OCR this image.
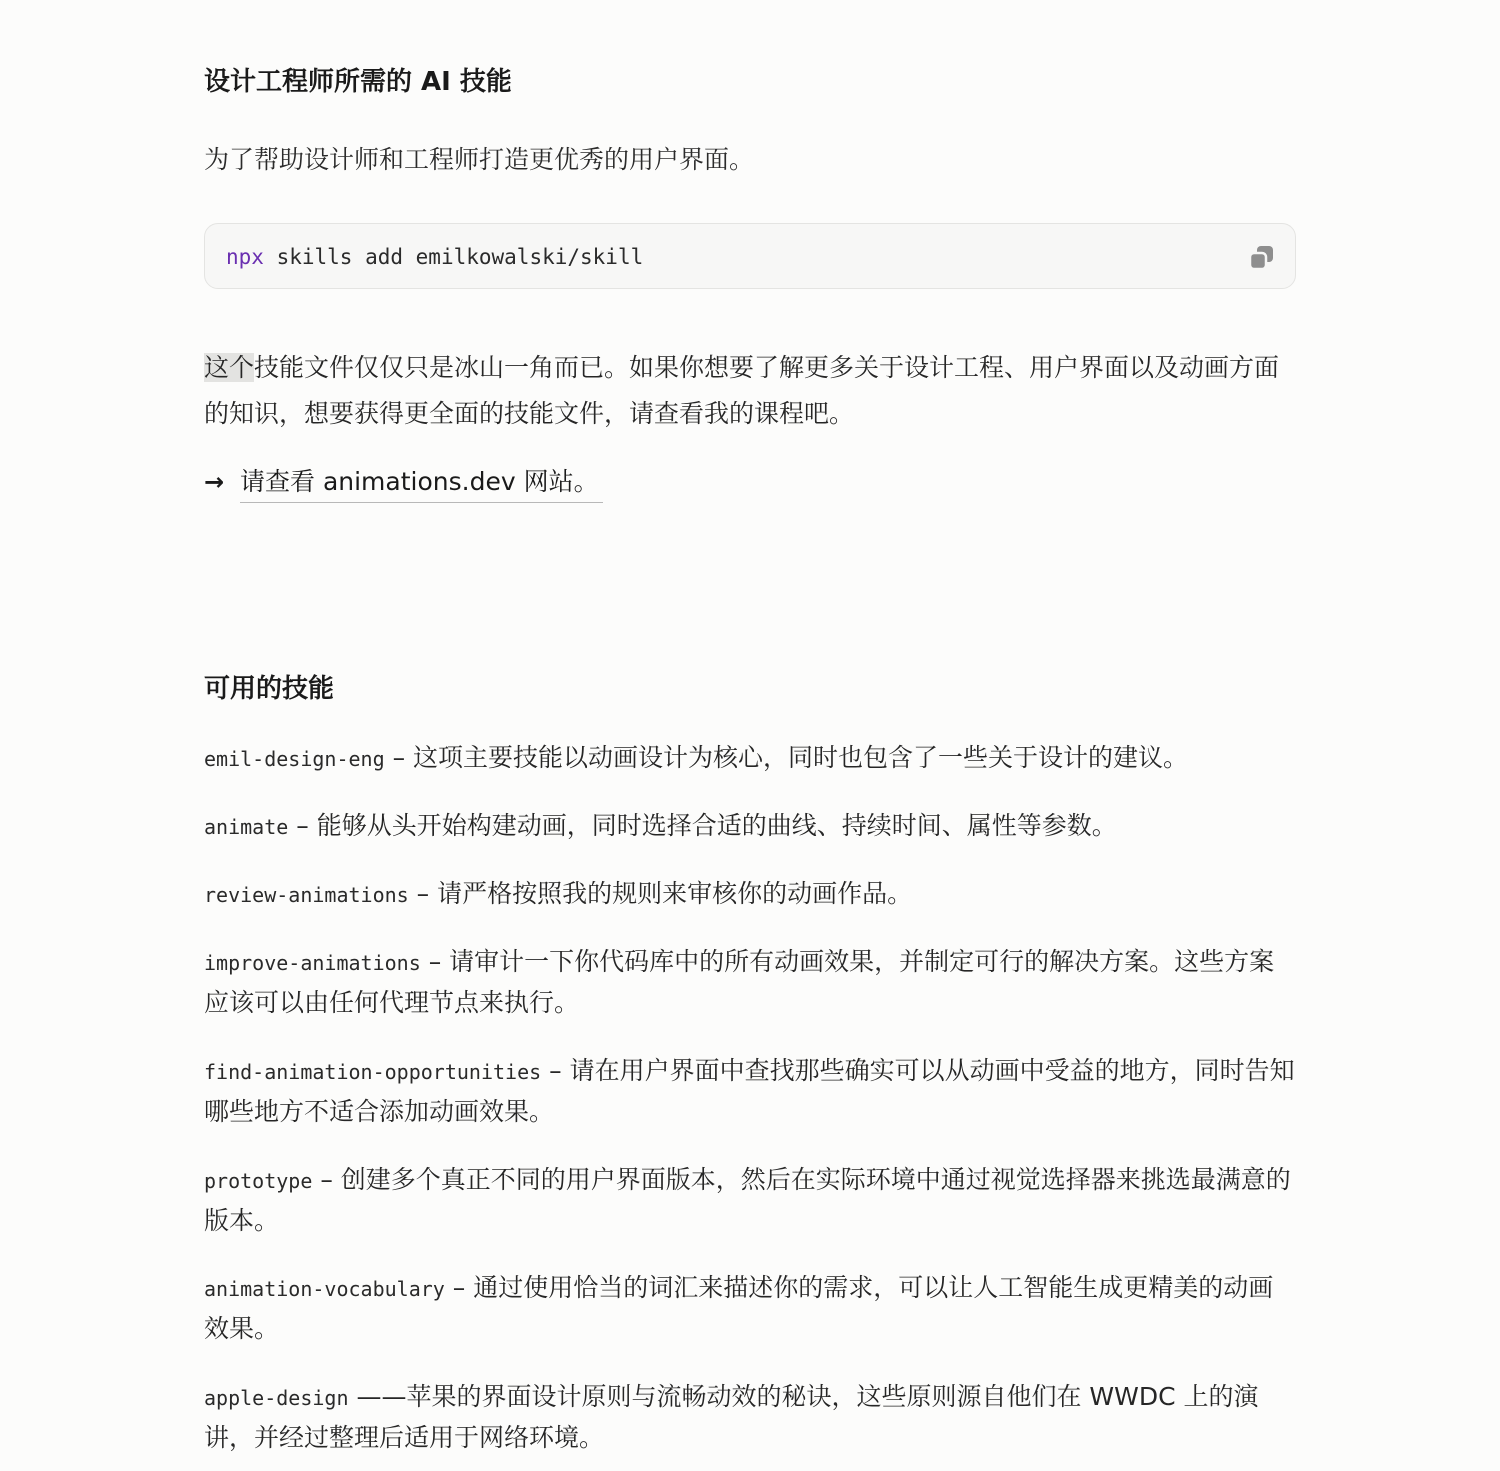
设计工程师所需的 AI 技能

为了帮助设计师和工程师打造更优秀的用户界面。

npx skills add emilkowalski/skill

这个技能文件仅仅只是冰山一角而已。如果你想要了解更多关于设计工程、用户界面以及动画方面的知识，想要获得更全面的技能文件，请查看我的课程吧。

→ 请查看 animations.dev 网站。
可用的技能

emil-design-eng – 这项主要技能以动画设计为核心，同时也包含了一些关于设计的建议。

animate – 能够从头开始构建动画，同时选择合适的曲线、持续时间、属性等参数。

review-animations – 请严格按照我的规则来审核你的动画作品。

improve-animations – 请审计一下你代码库中的所有动画效果，并制定可行的解决方案。这些方案应该可以由任何代理节点来执行。

find-animation-opportunities – 请在用户界面中查找那些确实可以从动画中受益的地方，同时告知哪些地方不适合添加动画效果。

prototype – 创建多个真正不同的用户界面版本，然后在实际环境中通过视觉选择器来挑选最满意的版本。

animation-vocabulary – 通过使用恰当的词汇来描述你的需求，可以让人工智能生成更精美的动画效果。

apple-design ——苹果的界面设计原则与流畅动效的秘诀，这些原则源自他们在 WWDC 上的演讲，并经过整理后适用于网络环境。
